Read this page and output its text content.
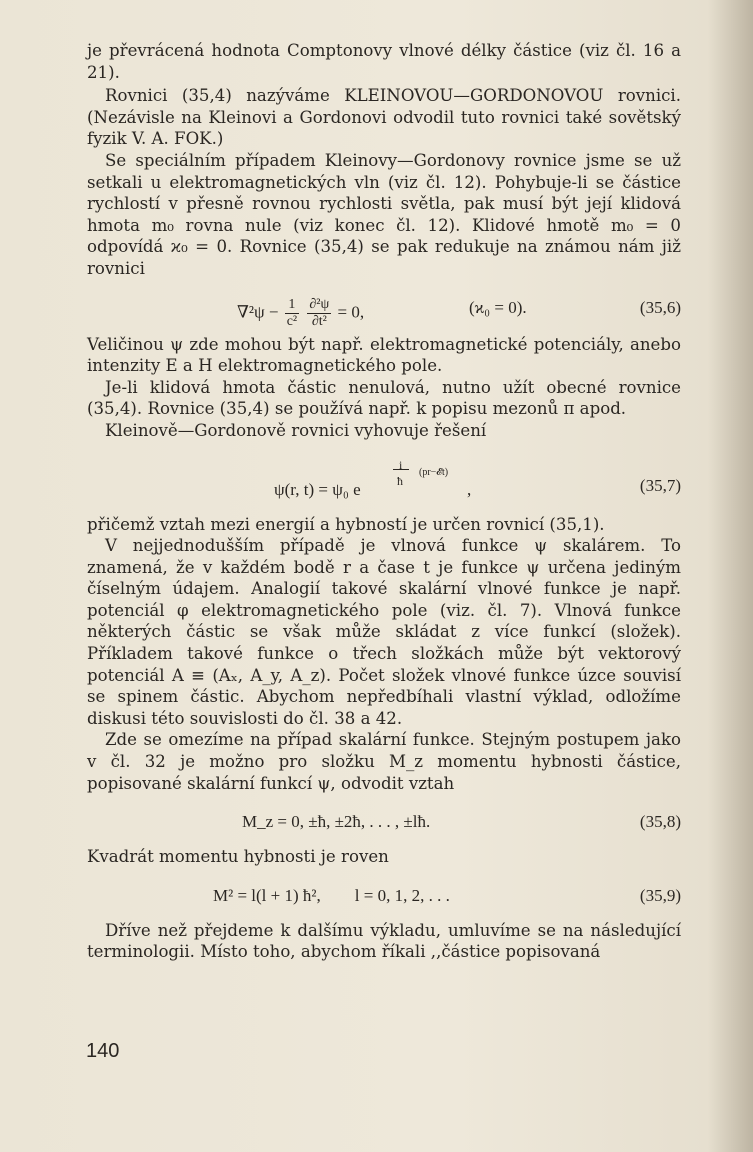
je převrácená hodnota Comptonovy vlnové délky částice (viz čl. 16 a 21).

Rovnici (35,4) nazýváme KLEINOVOU—GORDONOVOU rovnici. (Nezávisle na Kleinovi a Gordonovi odvodil tuto rovnici také sovětský fyzik V. A. FOK.)

Se speciálním případem Kleinovy—Gordonovy rovnice jsme se už setkali u elektromagnetických vln (viz čl. 12). Pohybuje-li se částice rychlostí v přesně rovnou rychlosti světla, pak musí být její klidová hmota m₀ rovna nule (viz konec čl. 12). Klidové hmotě m₀ = 0 odpovídá ϰ₀ = 0. Rovnice (35,4) se pak redukuje na známou nám již rovnici

$\nabla^2\psi - \frac{1}{\text{c²}}$
$\frac{\text{∂²ψ}}{\text{∂t²}} = 0$,	(ϰ₀ = 0).	(35,6)

Veličinou ψ zde mohou být např. elektromagnetické potenciály, anebo intenzity E a H elektromagnetického pole.

Je-li klidová hmota částic nenulová, nutno užít obecné rovnice (35,4). Rovnice (35,4) se používá např. k popisu mezonů π apod.

Kleinově—Gordonově rovnici vyhovuje řešení

ψ(r, t) = ψ₀ e
i
ħ
(pr−𝓔t)
,	(35,7)

přičemž vztah mezi energií a hybností je určen rovnicí (35,1).

V nejjednodušším případě je vlnová funkce ψ skalárem. To znamená, že v každém bodě r a čase t je funkce ψ určena jediným číselným údajem. Analogií takové skalární vlnové funkce je např. potenciál φ elektromagnetického pole (viz. čl. 7). Vlnová funkce některých částic se však může skládat z více funkcí (složek). Příkladem takové funkce o třech složkách může být vektorový potenciál A ≡ (Aₓ, A_y, A_z). Počet složek vlnové funkce úzce souvisí se spinem částic. Abychom nepředbíhali vlastní výklad, odložíme diskusi této souvislosti do čl. 38 a 42.

Zde se omezíme na případ skalární funkce. Stejným postupem jako v čl. 32 je možno pro složku M_z momentu hybnosti částice, popisované skalární funkcí ψ, odvodit vztah

M_z = 0, ±ħ, ±2ħ, . . . , ±lħ.	(35,8)

Kvadrát momentu hybnosti je roven

M² = l(l + 1) ħ²,        l = 0, 1, 2, . . .	(35,9)

Dříve než přejdeme k dalšímu výkladu, umluvíme se na následující terminologii. Místo toho, abychom říkali ,,částice popisovaná

140
